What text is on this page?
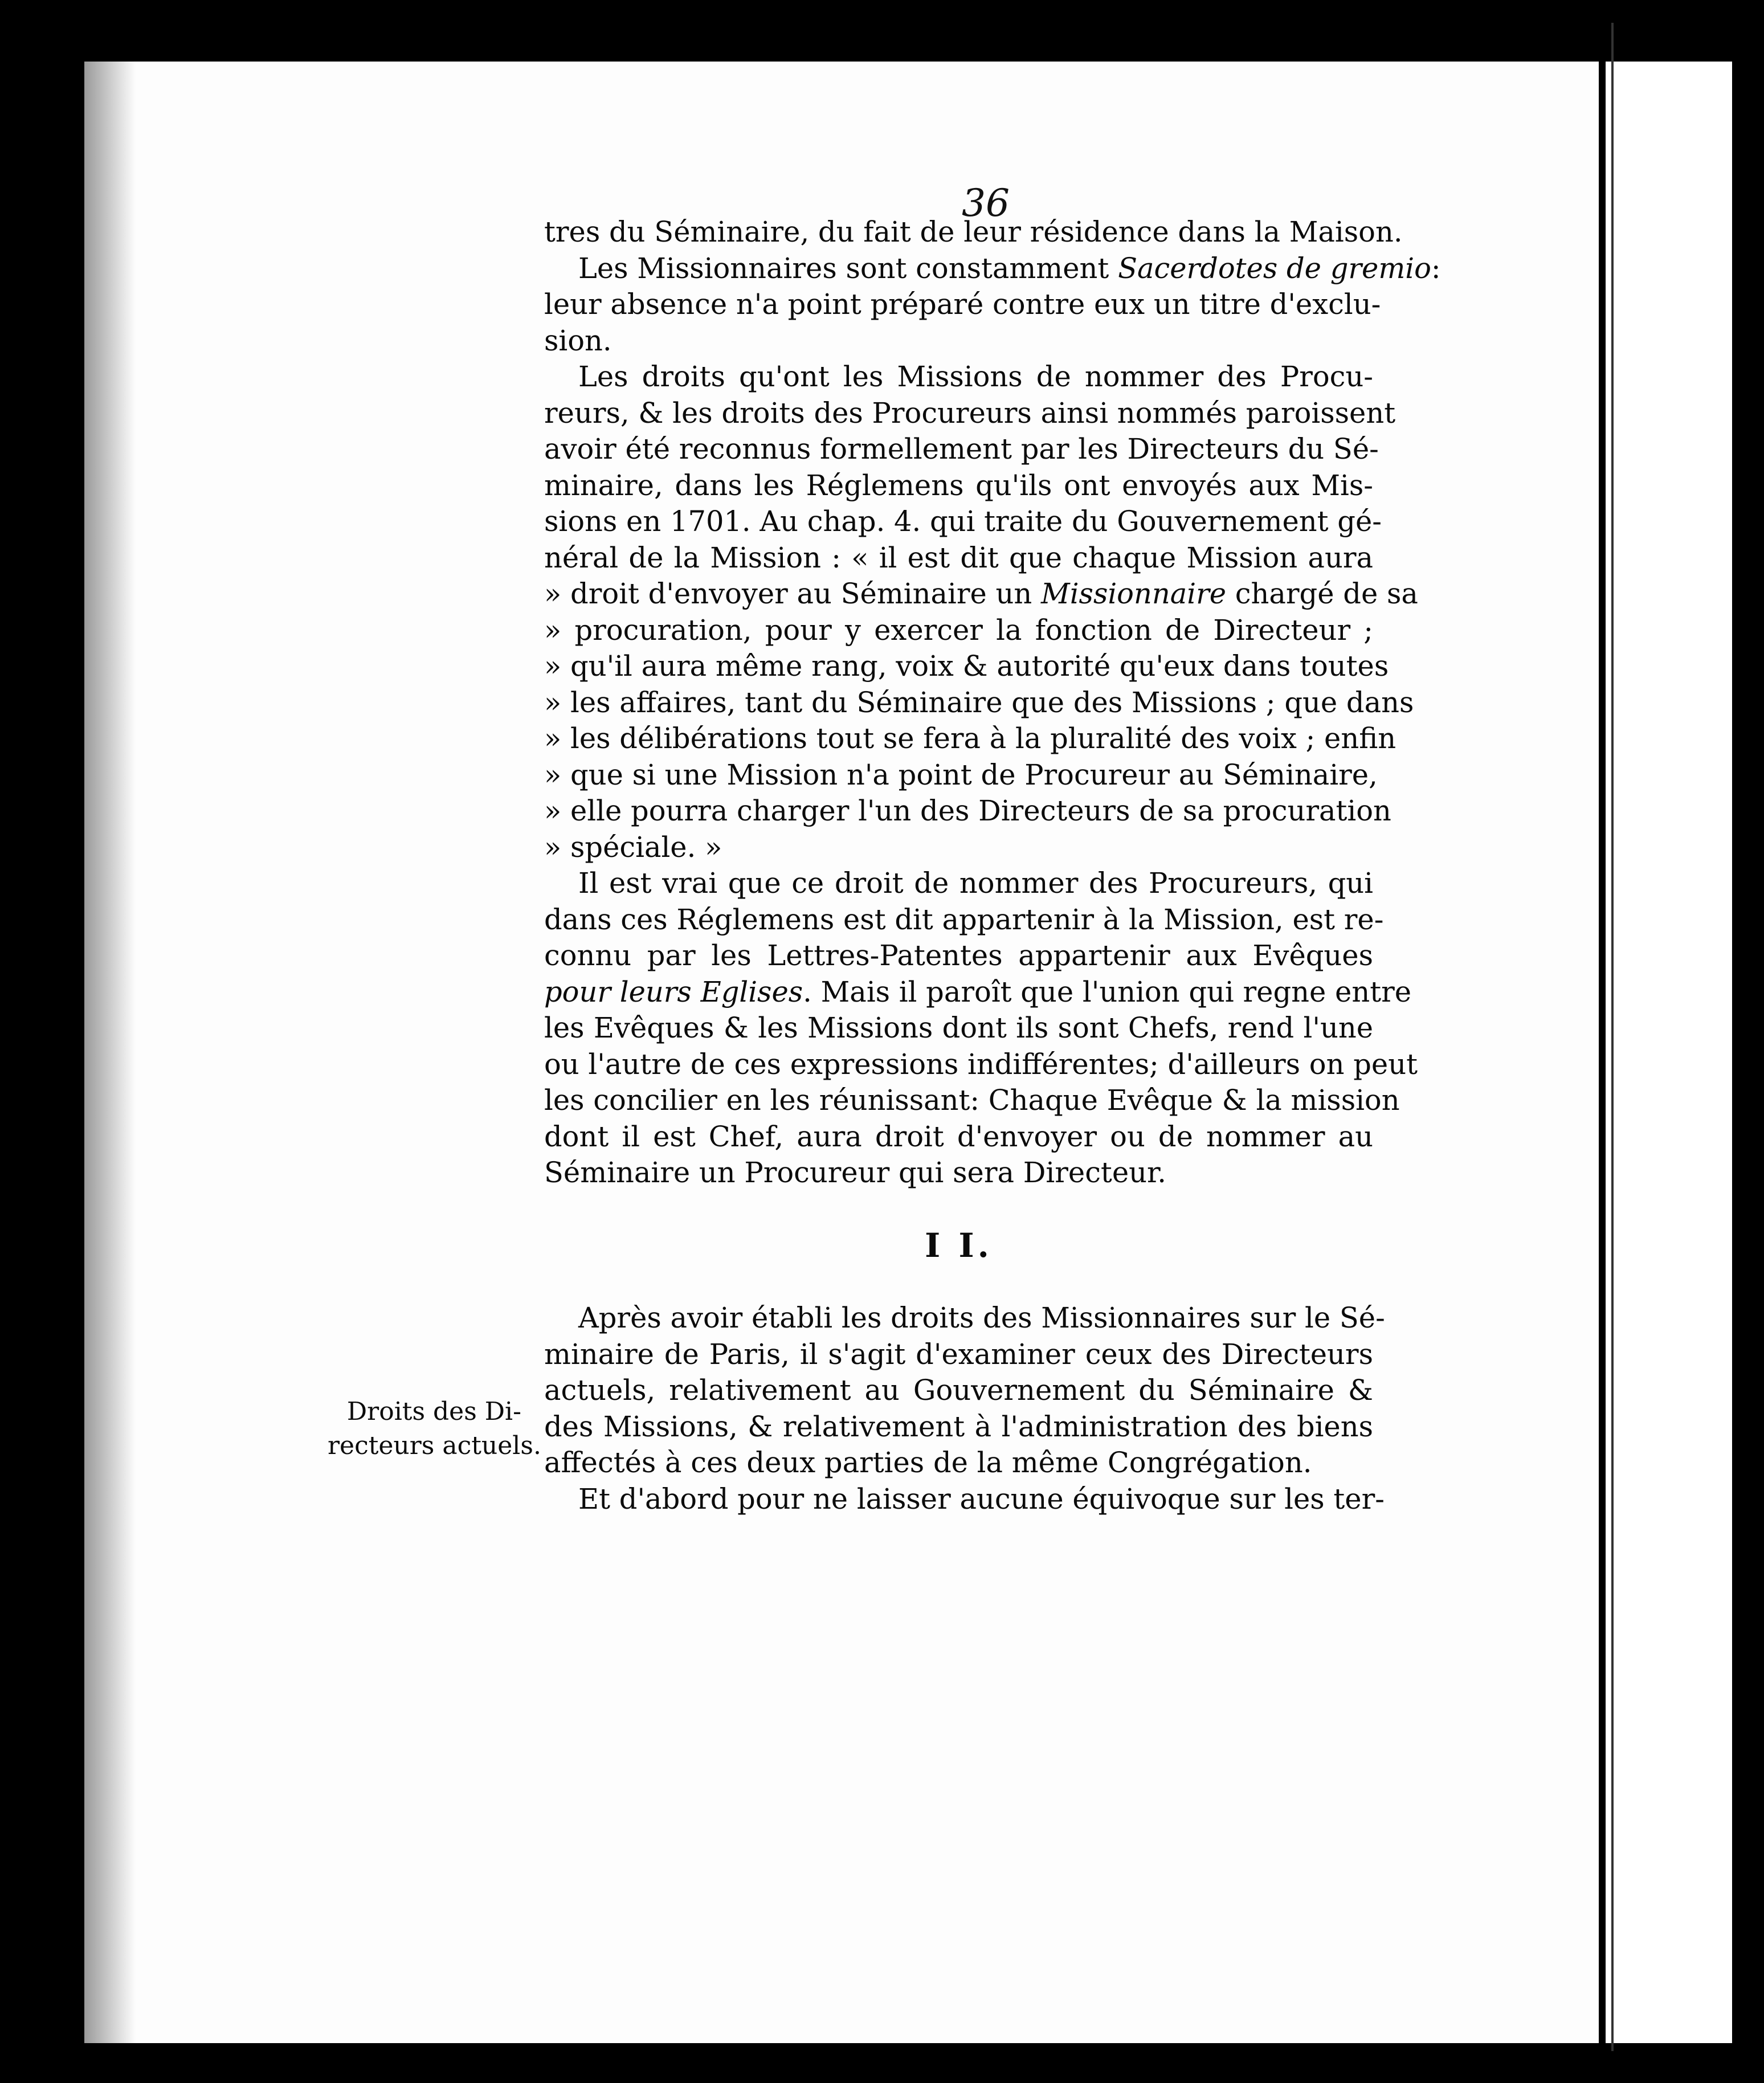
36
tres du Séminaire, du fait de leur résidence dans la Maison.
Les Missionnaires sont constamment Sacerdotes de gremio
leur absence n'a point préparé contre eux un titre d'exclu-
sion.
Les droits qu'ont les Missions de nommer des Procu-
reurs, & les droits des Procureurs ainsi nommés paroissent
avoir été reconnus formellement par les Directeurs du Sé-
minaire, dans les Réglemens qu'ils ont envoyés aux Mis-
sions en 1701. Au chap. 4. qui traite du Gouvernement gé-
néral de la Mission : « il est dit que chaque Mission aura
» droit d'envoyer au Séminaire un Missionnaire chargé de sa
» procuration, pour y exercer la fonction de Directeur ;
» qu'il aura même rang, voix & autorité qu'eux dans toutes
» les affaires, tant du Séminaire que des Missions ; que dans
» les délibérations tout se fera à la pluralité des voix ; enfin
» que si une Mission n'a point de Procureur au Séminaire,
» elle pourra charger l'un des Directeurs de sa procuration
» spéciale. »
Il est vrai que ce droit de nommer des Procureurs, qui
dans ces Réglemens est dit appartenir à la Mission, est re-
connu par les Lettres-Patentes appartenir aux Evêques
pour leurs Eglises. Mais il paroît que l'union qui regne entre
les Evêques & les Missions dont ils sont Chefs, rend l'une
ou l'autre de ces expressions indifférentes; d'ailleurs on peut
les concilier en les réunissant: Chaque Evêque & la mission
dont il est Chef, aura droit d'envoyer ou de nommer au
Séminaire un Procureur qui sera Directeur.
I I.
Après avoir établi les droits des Missionnaires sur le Sé-
minaire de Paris, il s'agit d'examiner ceux des Directeurs
actuels, relativement au Gouvernement du Séminaire &
des Missions, & relativement à l'administration des biens
affectés à ces deux parties de la même Congrégation.
Et d'abord pour ne laisser aucune équivoque sur les ter-
Droits des Di-
recteurs actuels.
